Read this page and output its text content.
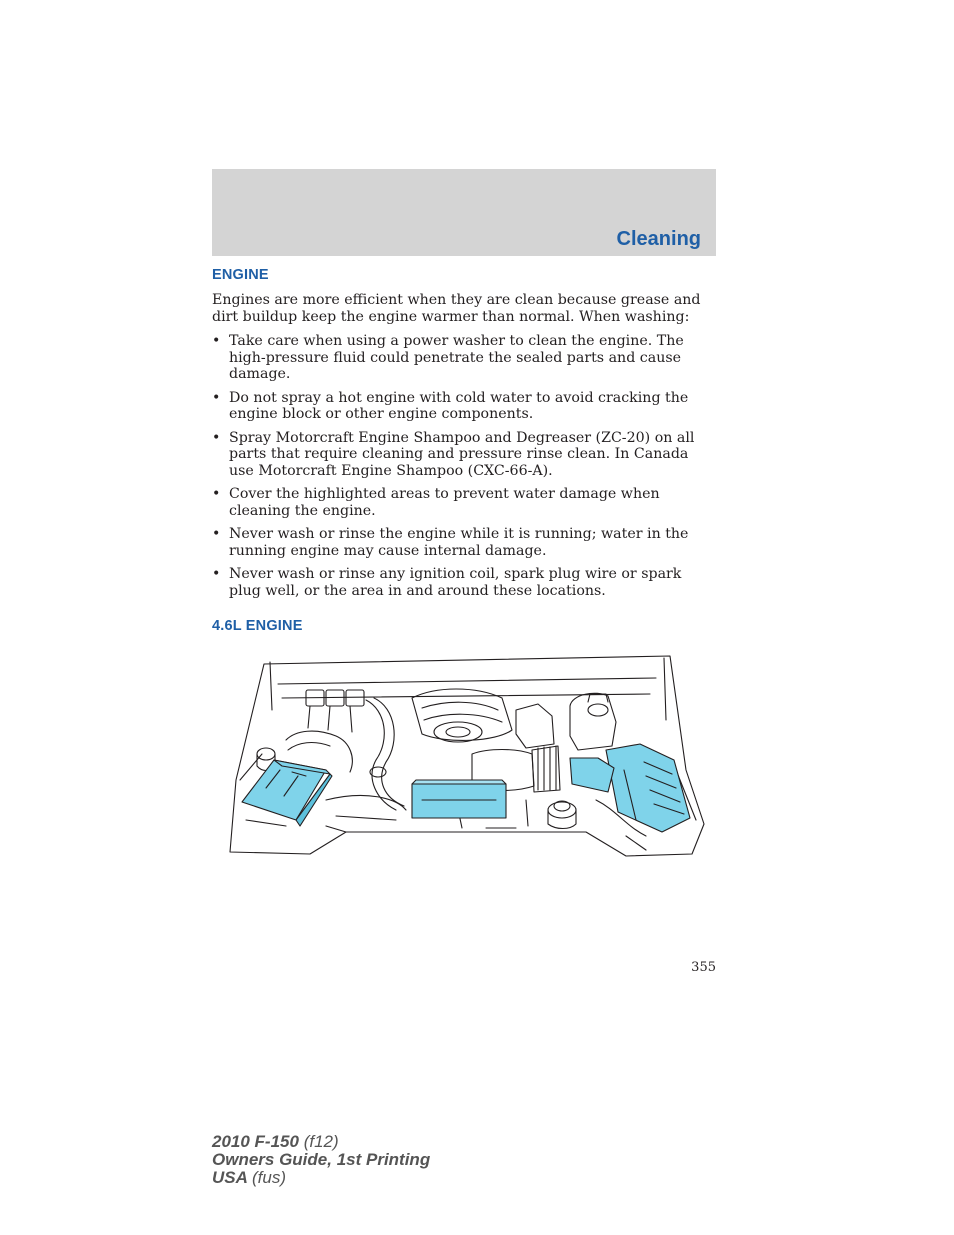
Cleaning
ENGINE

Engines are more efficient when they are clean because grease and dirt buildup keep the engine warmer than normal. When washing:

• Take care when using a power washer to clean the engine. The high-pressure fluid could penetrate the sealed parts and cause damage.
• Do not spray a hot engine with cold water to avoid cracking the engine block or other engine components.
• Spray Motorcraft Engine Shampoo and Degreaser (ZC-20) on all parts that require cleaning and pressure rinse clean. In Canada use Motorcraft Engine Shampoo (CXC-66-A).
• Cover the highlighted areas to prevent water damage when cleaning the engine.
• Never wash or rinse the engine while it is running; water in the running engine may cause internal damage.
• Never wash or rinse any ignition coil, spark plug wire or spark plug well, or the area in and around these locations.
4.6L ENGINE
355
2010 F-150 (f12)
Owners Guide, 1st Printing
USA (fus)
